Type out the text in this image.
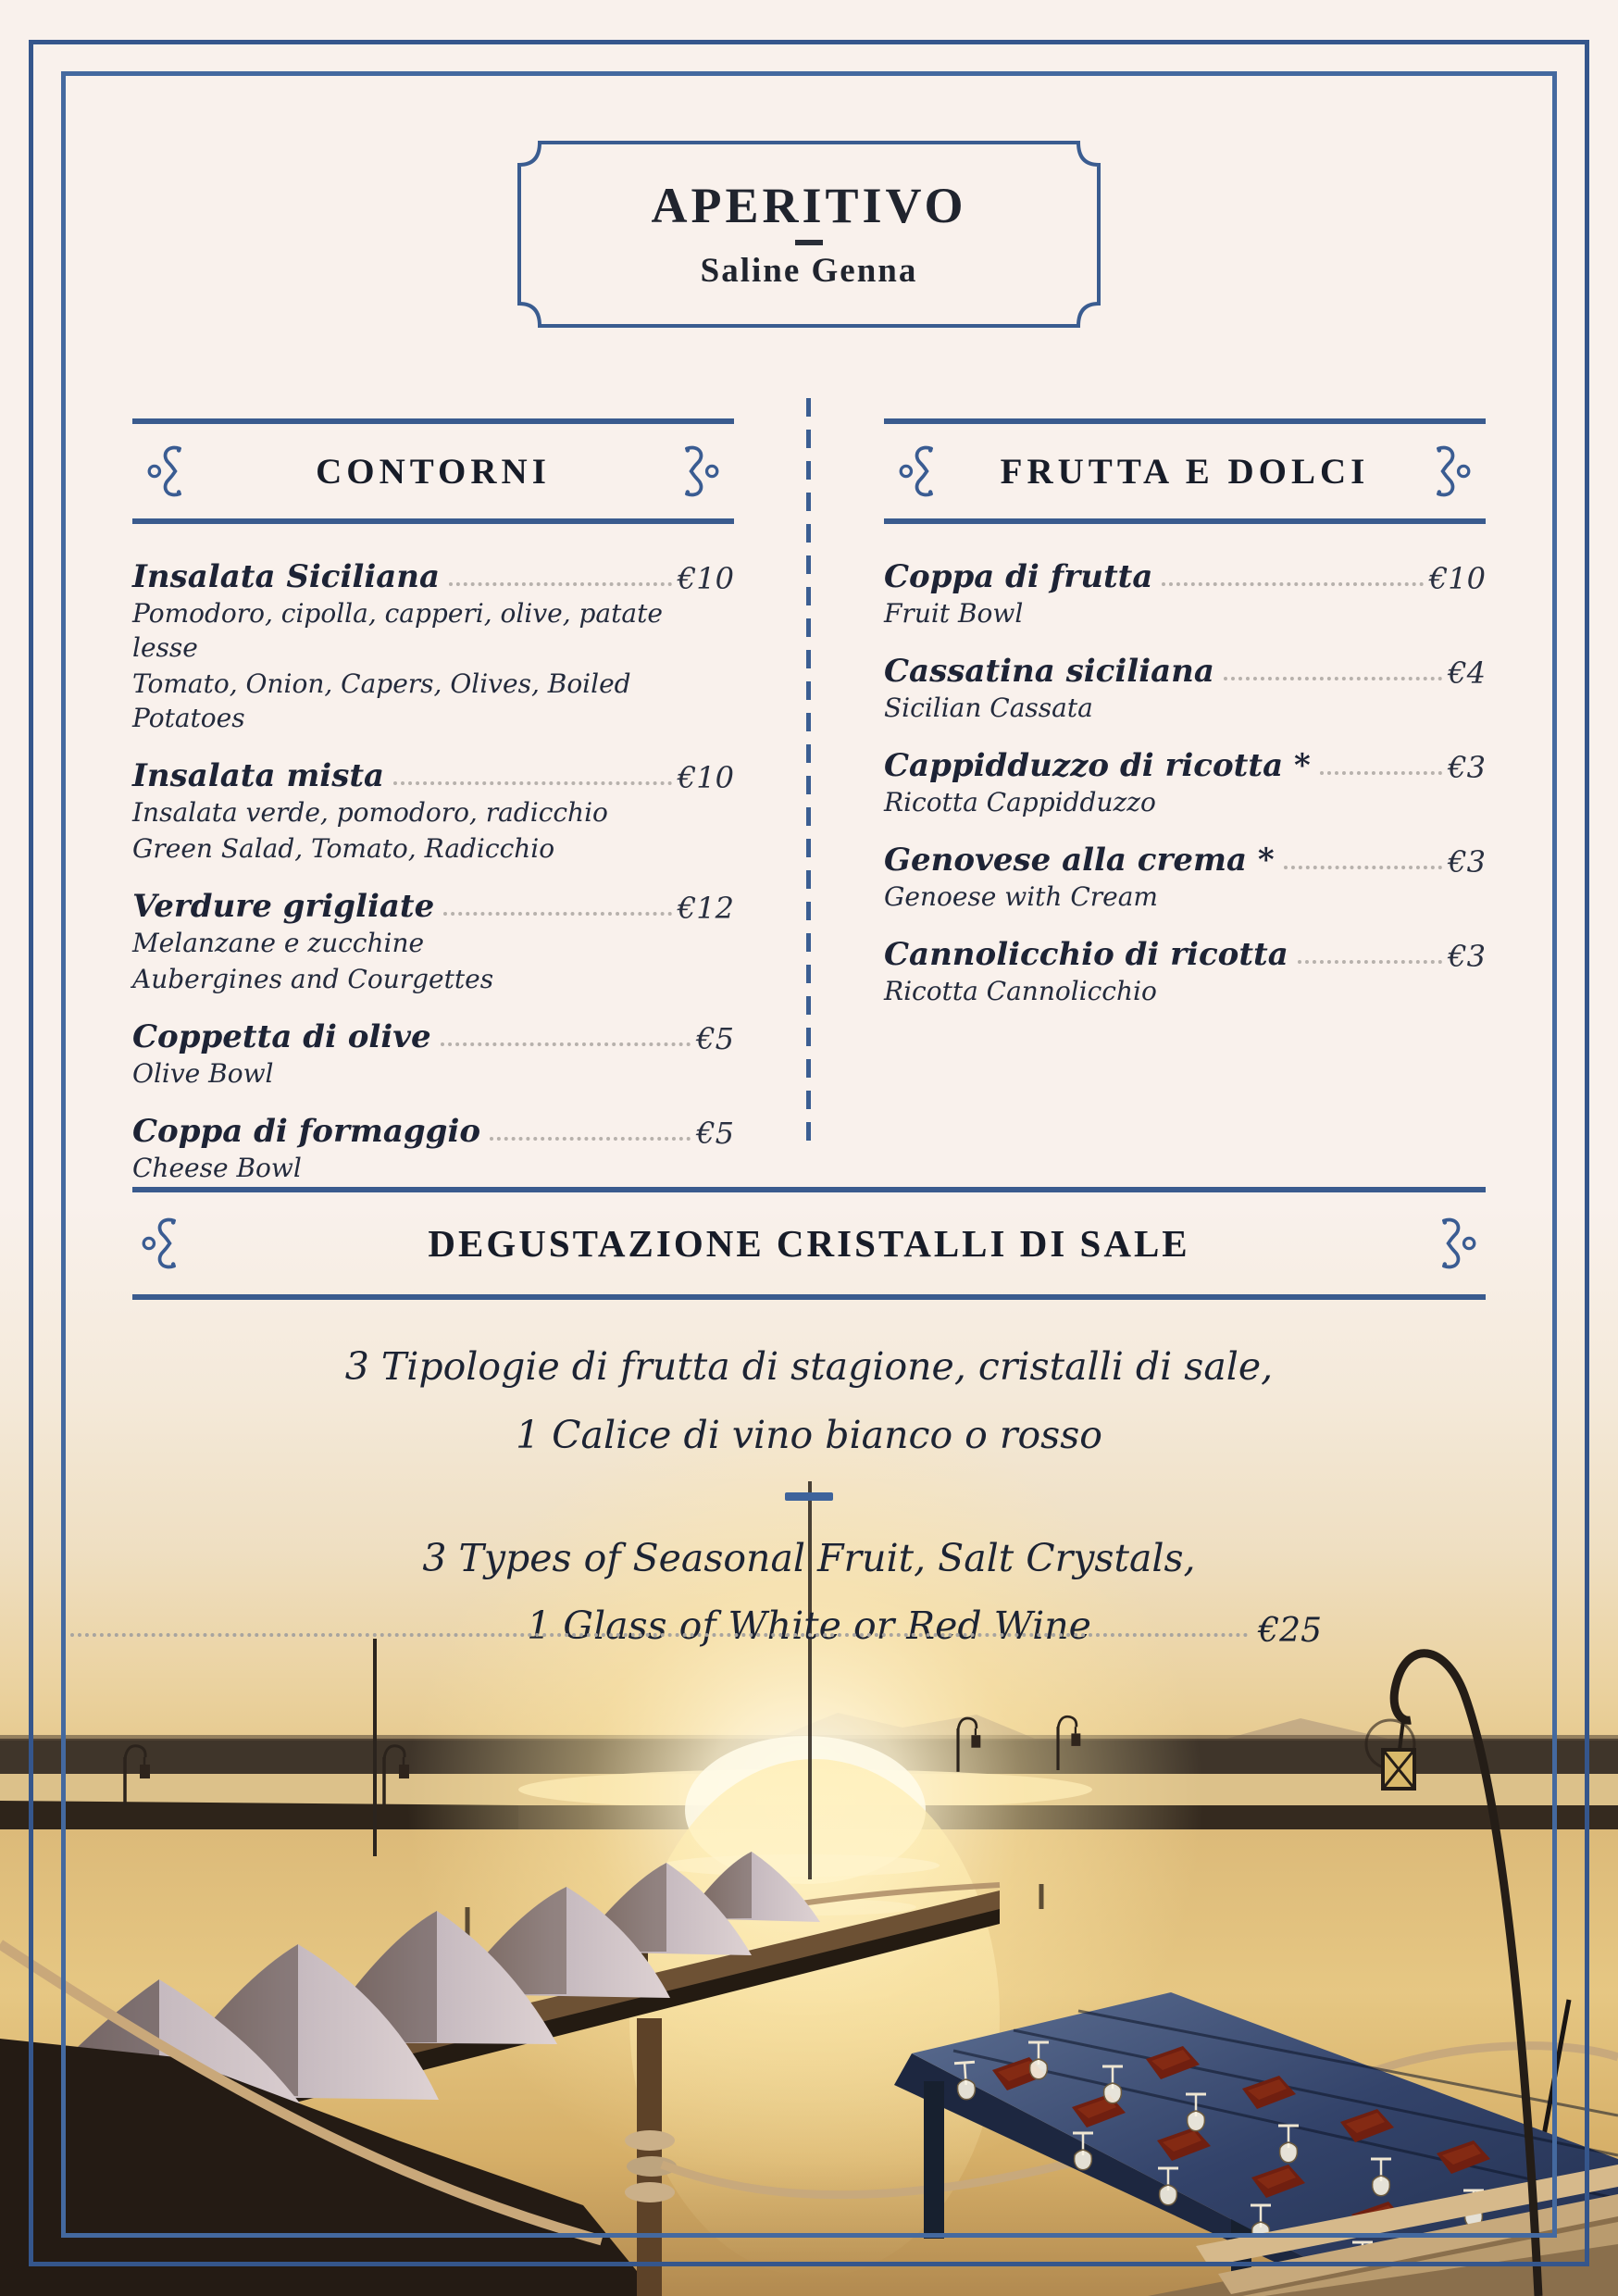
APERITIVO
Saline Genna
CONTORNI
Insalata Siciliana	€10
Pomodoro, cipolla, capperi, olive, patate lesse
Tomato, Onion, Capers, Olives, Boiled Potatoes
Insalata mista	€10
Insalata verde, pomodoro, radicchio
Green Salad, Tomato, Radicchio
Verdure grigliate	€12
Melanzane e zucchine
Aubergines and Courgettes
Coppetta di olive	€5
Olive Bowl
Coppa di formaggio	€5
Cheese Bowl
FRUTTA E DOLCI
Coppa di frutta	€10
Fruit Bowl
Cassatina siciliana	€4
Sicilian Cassata
Cappidduzzo di ricotta *	€3
Ricotta Cappidduzzo
Genovese alla crema *	€3
Genoese with Cream
Cannolicchio di ricotta	€3
Ricotta Cannolicchio
DEGUSTAZIONE CRISTALLI DI SALE
3 Tipologie di frutta di stagione, cristalli di sale,
1 Calice di vino bianco o rosso
3 Types of Seasonal Fruit, Salt Crystals,
1 Glass of White or Red Wine	€25
